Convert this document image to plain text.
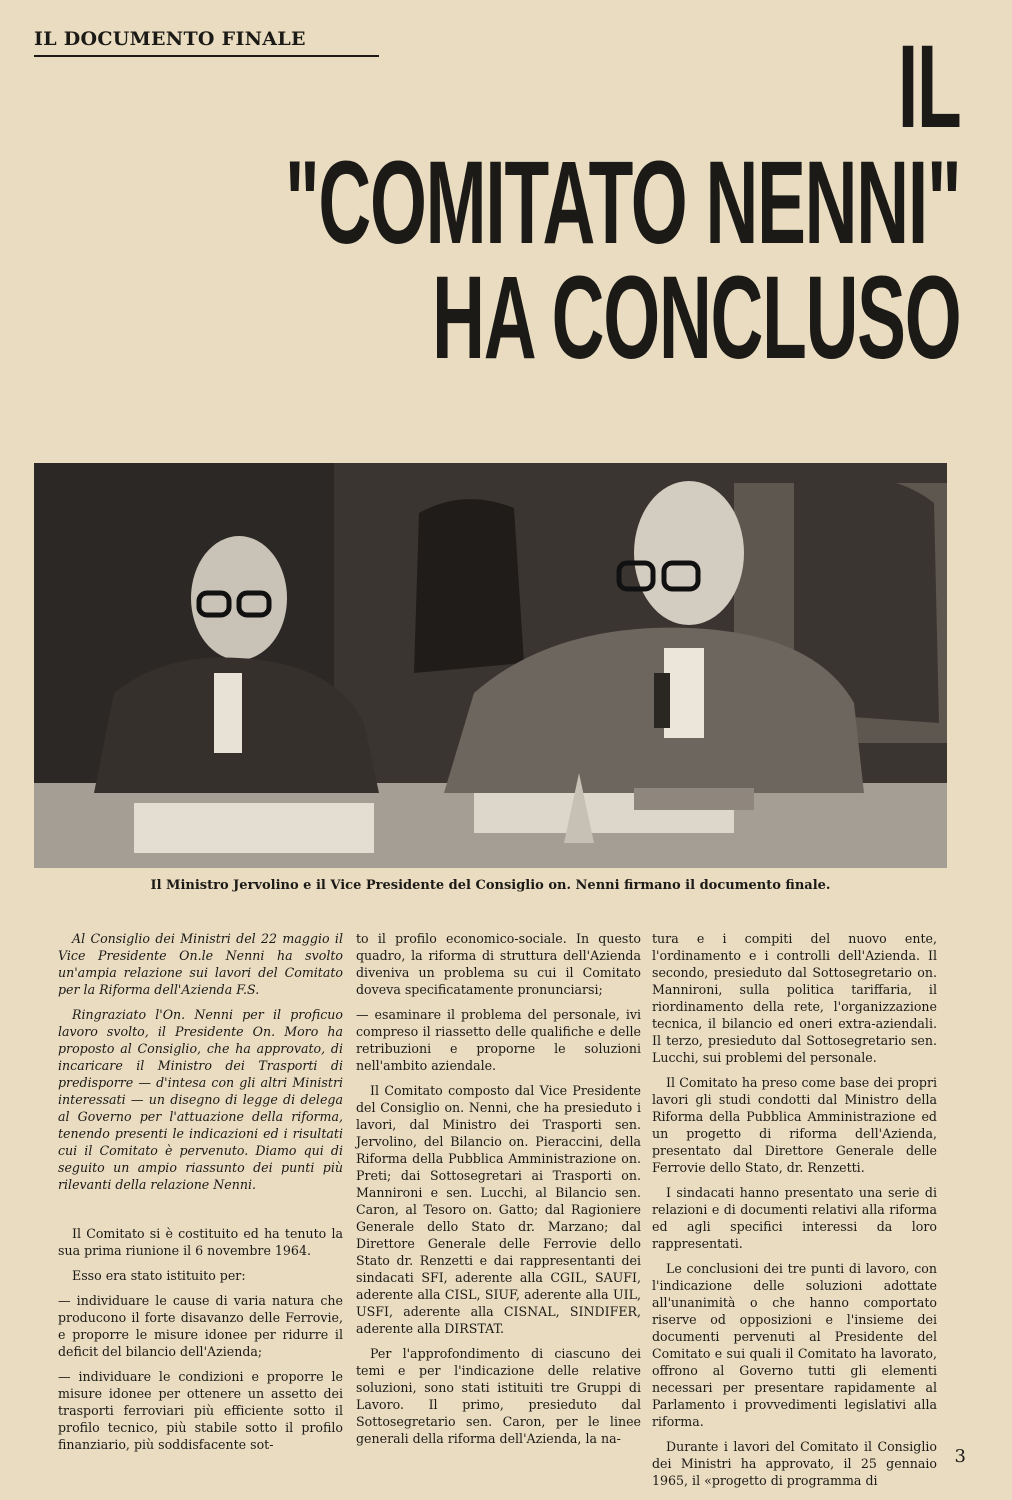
IL DOCUMENTO FINALE	IL
"COMITATO NENNI"
HA CONCLUSO
Il Ministro Jervolino e il Vice Presidente del Consiglio on. Nenni firmano il documento finale.

Al Consiglio dei Ministri del 22 maggio il Vice Presidente On.le Nenni ha svolto un'ampia relazione sui lavori del Comitato per la Riforma dell'Azienda F.S.

Ringraziato l'On. Nenni per il proficuo lavoro svolto, il Presidente On. Moro ha proposto al Consiglio, che ha approvato, di incaricare il Ministro dei Trasporti di predisporre — d'intesa con gli altri Ministri interessati — un disegno di legge di delega al Governo per l'attuazione della riforma, tenendo presenti le indicazioni ed i risultati cui il Comitato è pervenuto. Diamo qui di seguito un ampio riassunto dei punti più rilevanti della relazione Nenni.

Il Comitato si è costituito ed ha tenuto la sua prima riunione il 6 novembre 1964.

Esso era stato istituito per:

— individuare le cause di varia natura che producono il forte disavanzo delle Ferrovie, e proporre le misure idonee per ridurre il deficit del bilancio dell'Azienda;

— individuare le condizioni e proporre le misure idonee per ottenere un assetto dei trasporti ferroviari più efficiente sotto il profilo tecnico, più stabile sotto il profilo finanziario, più soddisfacente sot-

to il profilo economico-sociale. In questo quadro, la riforma di struttura dell'Azienda diveniva un problema su cui il Comitato doveva specificatamente pronunciarsi;

— esaminare il problema del personale, ivi compreso il riassetto delle qualifiche e delle retribuzioni e proporne le soluzioni nell'ambito aziendale.

Il Comitato composto dal Vice Presidente del Consiglio on. Nenni, che ha presieduto i lavori, dal Ministro dei Trasporti sen. Jervolino, del Bilancio on. Pieraccini, della Riforma della Pubblica Amministrazione on. Preti; dai Sottosegretari ai Trasporti on. Mannironi e sen. Lucchi, al Bilancio sen. Caron, al Tesoro on. Gatto; dal Ragioniere Generale dello Stato dr. Marzano; dal Direttore Generale delle Ferrovie dello Stato dr. Renzetti e dai rappresentanti dei sindacati SFI, aderente alla CGIL, SAUFI, aderente alla CISL, SIUF, aderente alla UIL, USFI, aderente alla CISNAL, SINDIFER, aderente alla DIRSTAT.

Per l'approfondimento di ciascuno dei temi e per l'indicazione delle relative soluzioni, sono stati istituiti tre Gruppi di Lavoro. Il primo, presieduto dal Sottosegretario sen. Caron, per le linee generali della riforma dell'Azienda, la na-

tura e i compiti del nuovo ente, l'ordinamento e i controlli dell'Azienda. Il secondo, presieduto dal Sottosegretario on. Mannironi, sulla politica tariffaria, il riordinamento della rete, l'organizzazione tecnica, il bilancio ed oneri extra-aziendali. Il terzo, presieduto dal Sottosegretario sen. Lucchi, sui problemi del personale.

Il Comitato ha preso come base dei propri lavori gli studi condotti dal Ministro della Riforma della Pubblica Amministrazione ed un progetto di riforma dell'Azienda, presentato dal Direttore Generale delle Ferrovie dello Stato, dr. Renzetti.

I sindacati hanno presentato una serie di relazioni e di documenti relativi alla riforma ed agli specifici interessi da loro rappresentati.

Le conclusioni dei tre punti di lavoro, con l'indicazione delle soluzioni adottate all'unanimità o che hanno comportato riserve od opposizioni e l'insieme dei documenti pervenuti al Presidente del Comitato e sui quali il Comitato ha lavorato, offrono al Governo tutti gli elementi necessari per presentare rapidamente al Parlamento i provvedimenti legislativi alla riforma.

Durante i lavori del Comitato il Consiglio dei Ministri ha approvato, il 25 gennaio 1965, il «progetto di programma di

3
